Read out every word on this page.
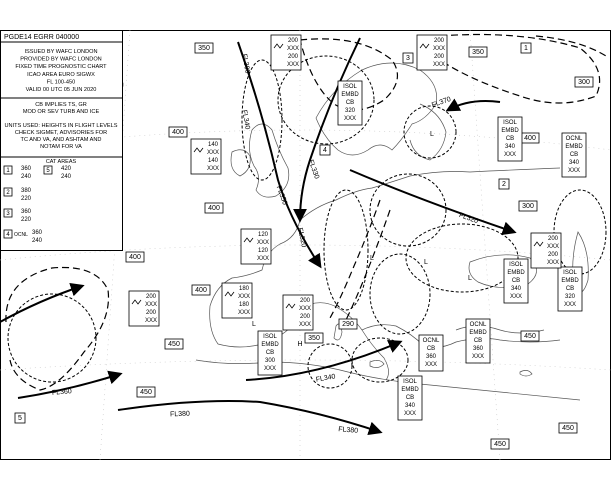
350
350
400
400
400
400
400
300
300
290
350	450
450
450
450
450
ISOL
EMBD
CB
320
XXX
ISOL
EMBD
CB
340
XXX
OCNL
EMBD
CB
340
XXX
ISOL
EMBD
CB
340
XXX
ISOL
EMBD
CB
320
XXX
OCNL
EMBD
CB
360
XXX
ISOL
EMBD
CB
300
XXX
OCNL
CB
360
XXX
ISOL
EMBD
CB
340
XXX
200
XXX
200
XXX
200
XXX
200
XXX
140
XXX
140
XXX
120
XXX
120
XXX
180
XXX
180
XXX
200
XXX
200
XXX
200
XXX
200
XXX
200
XXX
200
XXX
FL300
FL340
FL350
FL320
FL330
FL370
FL320
FL340
FL360
FL380
FL380
L
L
H
L
L
L
1
2
3
4
5
PGDE14 EGRR 040000
ISSUED BY WAFC LONDON
PROVIDED BY WAFC LONDON
FIXED TIME PROGNOSTIC CHART
ICAO AREA EURO SIGWX
FL 100-450
VALID 00 UTC 05 JUN 2020
CB IMPLIES TS, GR
MOD OR SEV TURB AND ICE
UNITS USED: HEIGHTS IN FLIGHT LEVELS
CHECK SIGMET, ADVISORIES FOR
TC AND VA, AND ASHTAM AND
NOTAM FOR VA
CAT AREAS
1 360
240
2 380
220
3 360
220
4 OCNL 360
240
5 420
240
